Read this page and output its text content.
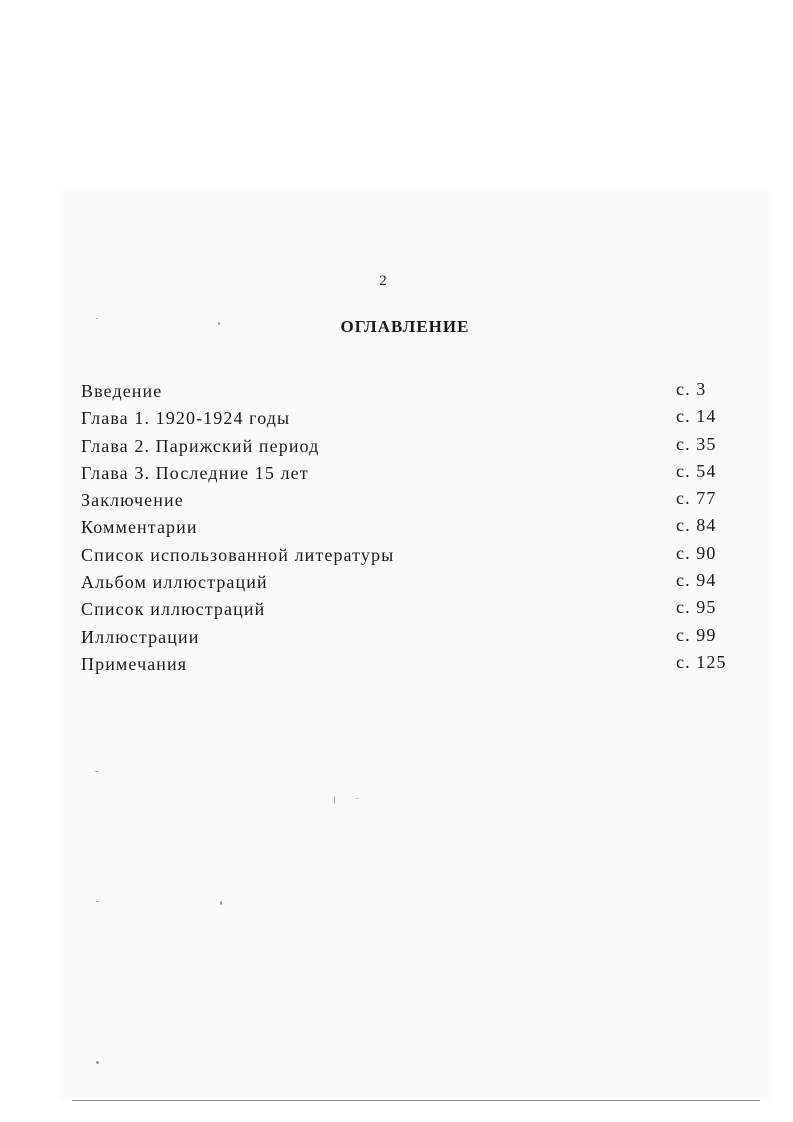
2
ОГЛАВЛЕНИЕ
Введение	с. 3
Глава 1. 1920-1924 годы	с. 14
Глава 2. Парижский период	с. 35
Глава 3. Последние 15 лет	с. 54
Заключение	с. 77
Комментарии	с. 84
Список использованной литературы	с. 90
Альбом иллюстраций	с. 94
Список иллюстраций	с. 95
Иллюстрации	с. 99
Примечания	с. 125
